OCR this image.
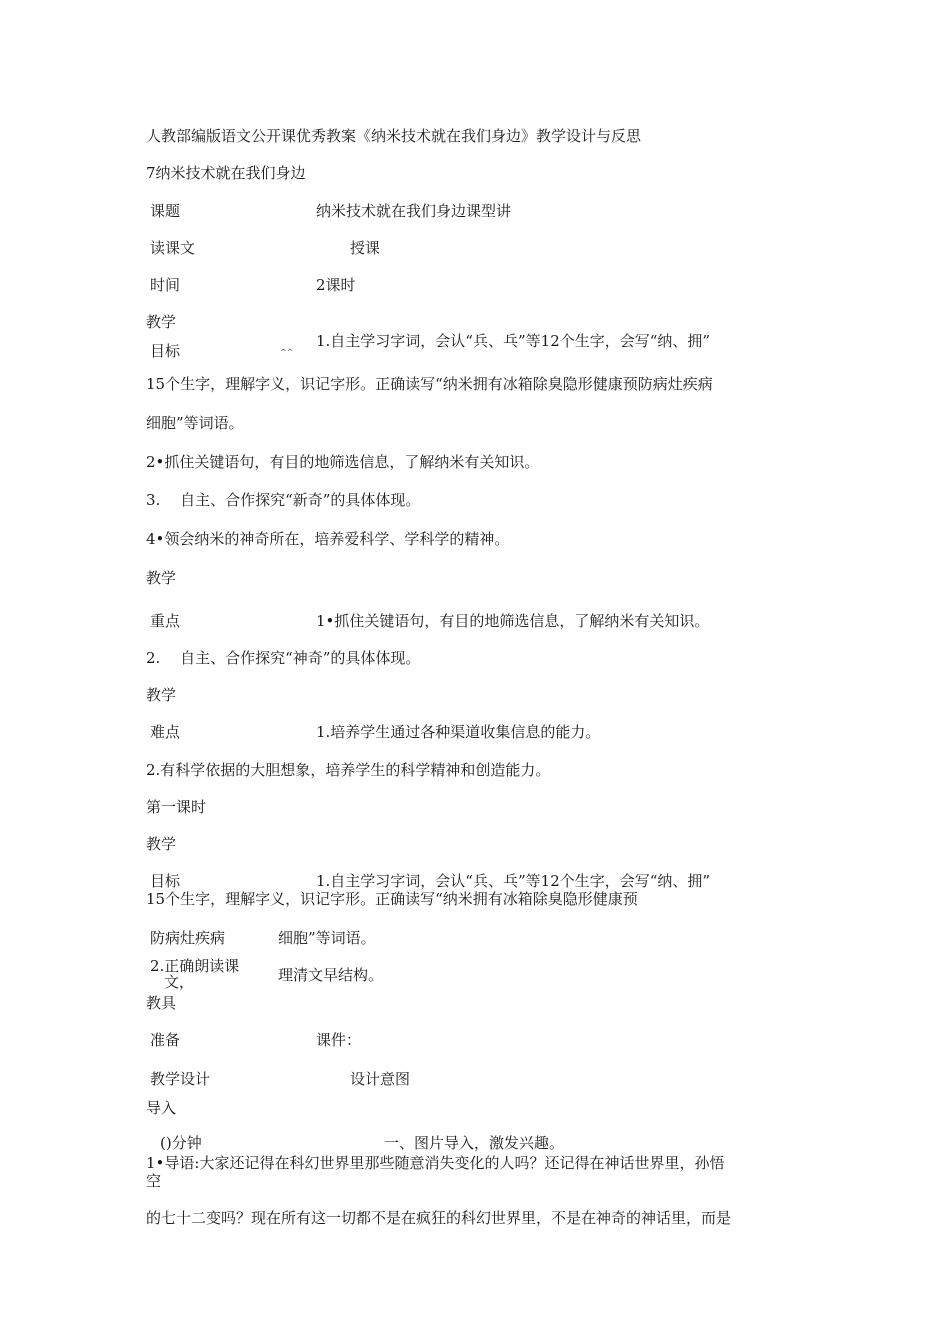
人教部编版语文公开课优秀教案《纳米技术就在我们身边》教学设计与反思
7纳米技术就在我们身边
课题	纳米技术就在我们身边课型讲
读课文	授课
时间	2课时
教学
目标	^^
1.自主学习字词，会认“兵、乓”等12个生字，会写“纳、拥”
15个生字，理解字义，识记字形。正确读写“纳米拥有冰箱除臭隐形健康预防病灶疾病
细胞”等词语。
2•抓住关键语句，有目的地筛选信息，了解纳米有关知识。
3.　 自主、合作探究“新奇”的具体体现。
4•领会纳米的神奇所在，培养爱科学、学科学的精神。
教学
重点	1•抓住关键语句，有目的地筛选信息，了解纳米有关知识。
2.　 自主、合作探究“神奇”的具体体现。
教学
难点	1.培养学生通过各种渠道收集信息的能力。
2.有科学依据的大胆想象，培养学生的科学精神和创造能力。
第一课时
教学
目标	1.自主学习字词，会认“兵、乓”等12个生字，会写“纳、拥”
15个生字，理解字义，识记字形。正确读写“纳米拥有冰箱除臭隐形健康预
防病灶疾病	细胞”等词语。
2.正确朗读课
文，	理清文早结构。
教具
准备	课件：
教学设计	设计意图
导入
()分钟	一、图片导入，激发兴趣。
1•导语:大家还记得在科幻世界里那些随意消失变化的人吗？还记得在神话世界里，孙悟
空
的七十二变吗？现在所有这一切都不是在疯狂的科幻世界里，不是在神奇的神话里，而是
